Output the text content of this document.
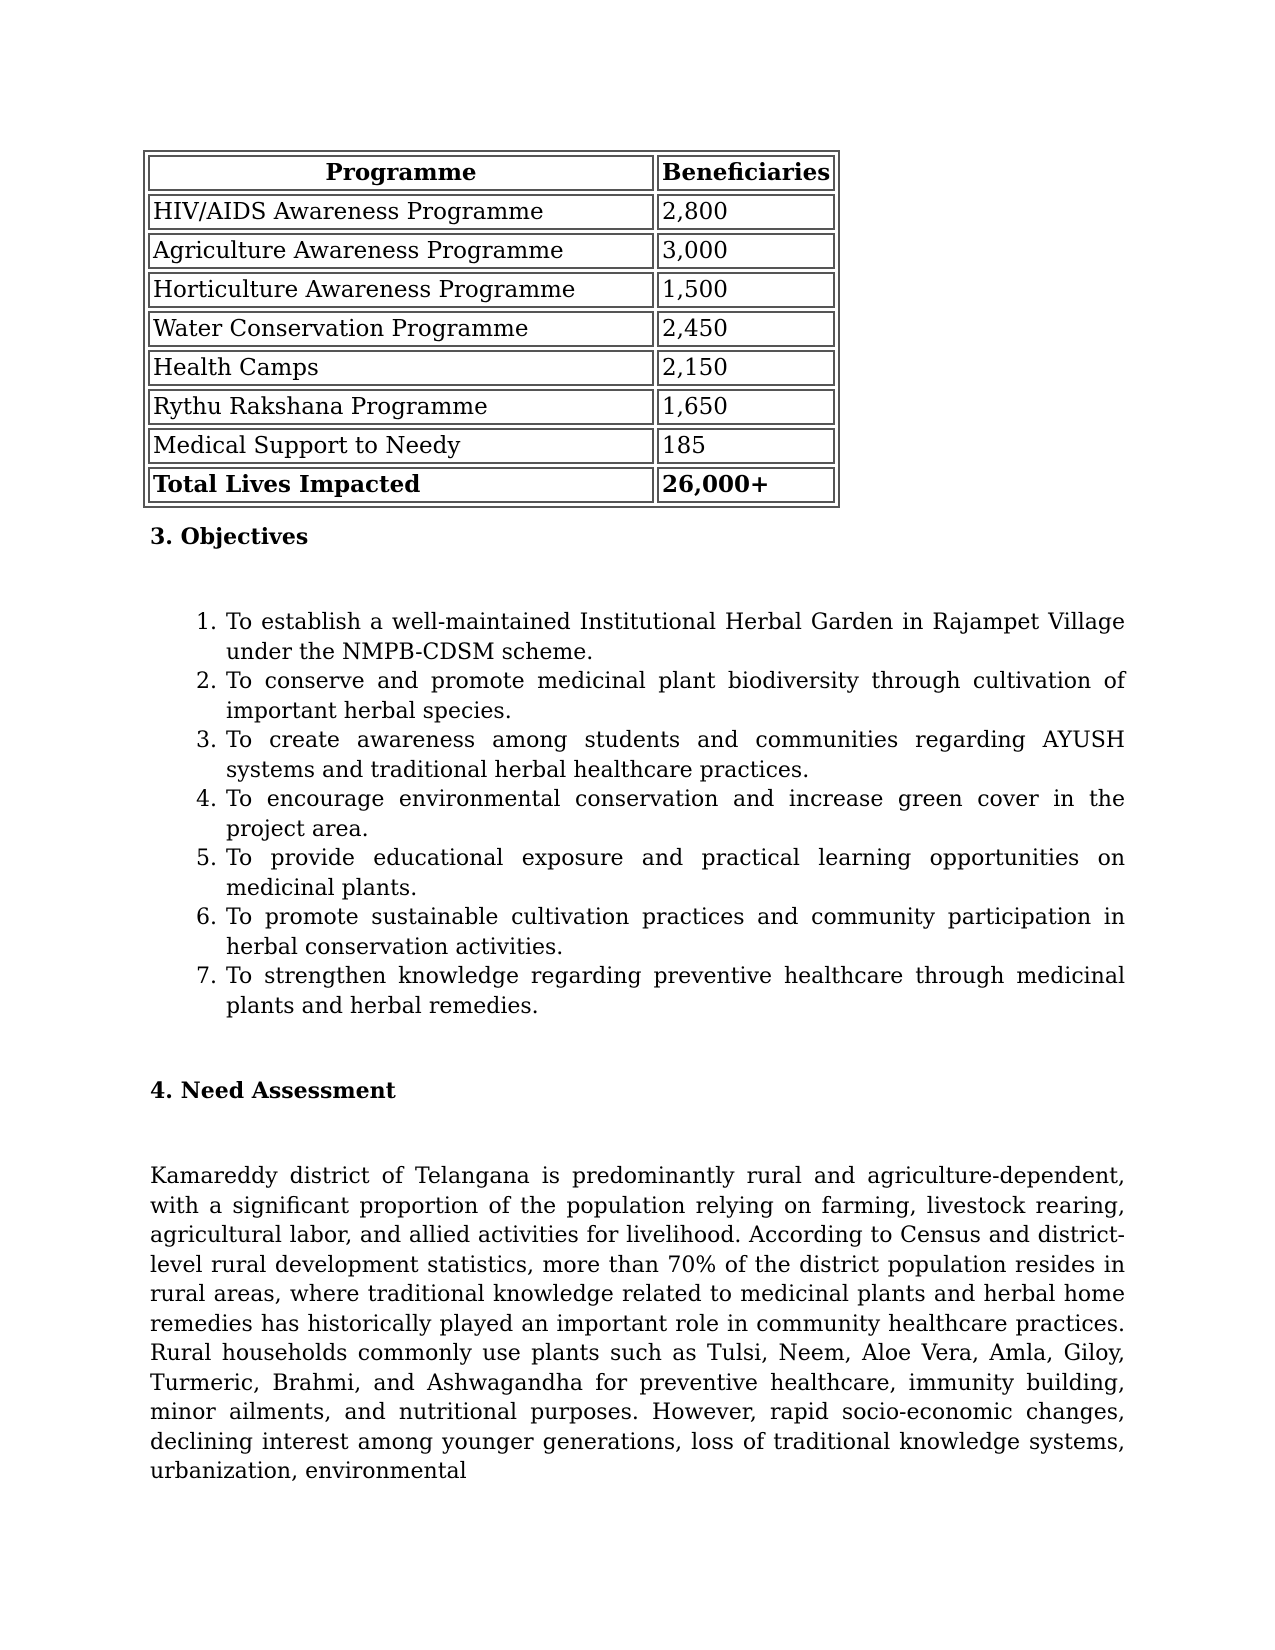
Programme	Beneficiaries
HIV/AIDS Awareness Programme	2,800
Agriculture Awareness Programme	3,000
Horticulture Awareness Programme	1,500
Water Conservation Programme	2,450
Health Camps	2,150
Rythu Rakshana Programme	1,650
Medical Support to Needy	185
Total Lives Impacted	26,000+
3. Objectives
1. To establish a well-maintained Institutional Herbal Garden in Rajampet Village under the NMPB-CDSM scheme.
2. To conserve and promote medicinal plant biodiversity through cultivation of important herbal species.
3. To create awareness among students and communities regarding AYUSH systems and traditional herbal healthcare practices.
4. To encourage environmental conservation and increase green cover in the project area.
5. To provide educational exposure and practical learning opportunities on medicinal plants.
6. To promote sustainable cultivation practices and community participation in herbal conservation activities.
7. To strengthen knowledge regarding preventive healthcare through medicinal plants and herbal remedies.
4. Need Assessment

Kamareddy district of Telangana is predominantly rural and agriculture-dependent, with a significant proportion of the population relying on farming, livestock rearing, agricultural labor, and allied activities for livelihood. According to Census and district-level rural development statistics, more than 70% of the district population resides in rural areas, where traditional knowledge related to medicinal plants and herbal home remedies has historically played an important role in community healthcare practices. Rural households commonly use plants such as Tulsi, Neem, Aloe Vera, Amla, Giloy, Turmeric, Brahmi, and Ashwagandha for preventive healthcare, immunity building, minor ailments, and nutritional purposes. However, rapid socio-economic changes, declining interest among younger generations, loss of traditional knowledge systems, urbanization, environmental
